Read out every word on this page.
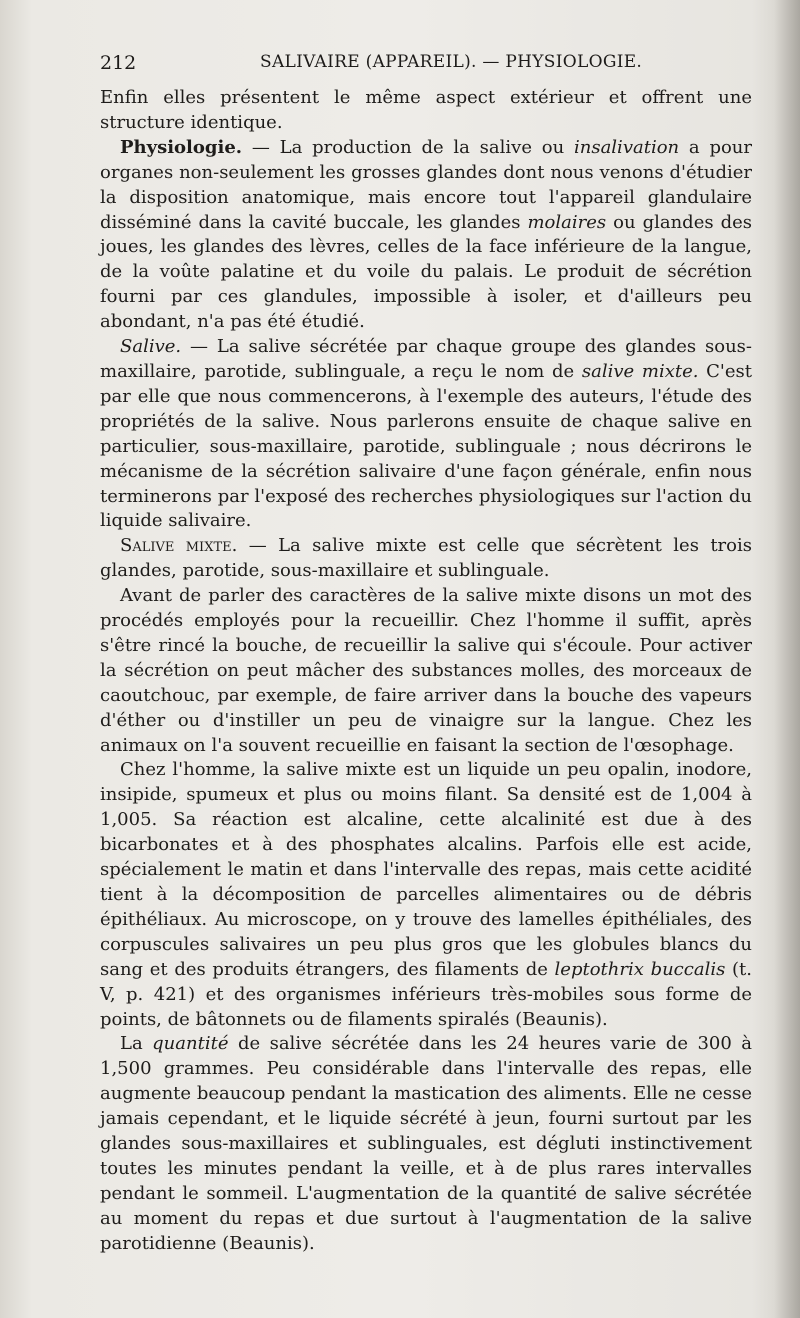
212	SALIVAIRE (APPAREIL). — PHYSIOLOGIE.

Enfin elles présentent le même aspect extérieur et offrent une structure identique.

Physiologie. — La production de la salive ou insalivation a pour organes non-seulement les grosses glandes dont nous venons d'étudier la disposition anatomique, mais encore tout l'appareil glandulaire disséminé dans la cavité buccale, les glandes molaires ou glandes des joues, les glandes des lèvres, celles de la face inférieure de la langue, de la voûte palatine et du voile du palais. Le produit de sécrétion fourni par ces glandules, impossible à isoler, et d'ailleurs peu abondant, n'a pas été étudié.

Salive. — La salive sécrétée par chaque groupe des glandes sous-maxillaire, parotide, sublinguale, a reçu le nom de salive mixte. C'est par elle que nous commencerons, à l'exemple des auteurs, l'étude des propriétés de la salive. Nous parlerons ensuite de chaque salive en particulier, sous-maxillaire, parotide, sublinguale ; nous décrirons le mécanisme de la sécrétion salivaire d'une façon générale, enfin nous terminerons par l'exposé des recherches physiologiques sur l'action du liquide salivaire.

Salive mixte. — La salive mixte est celle que sécrètent les trois glandes, parotide, sous-maxillaire et sublinguale.

Avant de parler des caractères de la salive mixte disons un mot des procédés employés pour la recueillir. Chez l'homme il suffit, après s'être rincé la bouche, de recueillir la salive qui s'écoule. Pour activer la sécrétion on peut mâcher des substances molles, des morceaux de caoutchouc, par exemple, de faire arriver dans la bouche des vapeurs d'éther ou d'instiller un peu de vinaigre sur la langue. Chez les animaux on l'a souvent recueillie en faisant la section de l'œsophage.

Chez l'homme, la salive mixte est un liquide un peu opalin, inodore, insipide, spumeux et plus ou moins filant. Sa densité est de 1,004 à 1,005. Sa réaction est alcaline, cette alcalinité est due à des bicarbonates et à des phosphates alcalins. Parfois elle est acide, spécialement le matin et dans l'intervalle des repas, mais cette acidité tient à la décomposition de parcelles alimentaires ou de débris épithéliaux. Au microscope, on y trouve des lamelles épithéliales, des corpuscules salivaires un peu plus gros que les globules blancs du sang et des produits étrangers, des filaments de leptothrix buccalis (t. V, p. 421) et des organismes inférieurs très-mobiles sous forme de points, de bâtonnets ou de filaments spiralés (Beaunis).

La quantité de salive sécrétée dans les 24 heures varie de 300 à 1,500 grammes. Peu considérable dans l'intervalle des repas, elle augmente beaucoup pendant la mastication des aliments. Elle ne cesse jamais cependant, et le liquide sécrété à jeun, fourni surtout par les glandes sous-maxillaires et sublinguales, est dégluti instinctivement toutes les minutes pendant la veille, et à de plus rares intervalles pendant le sommeil. L'augmentation de la quantité de salive sécrétée au moment du repas et due surtout à l'augmentation de la salive parotidienne (Beaunis).
